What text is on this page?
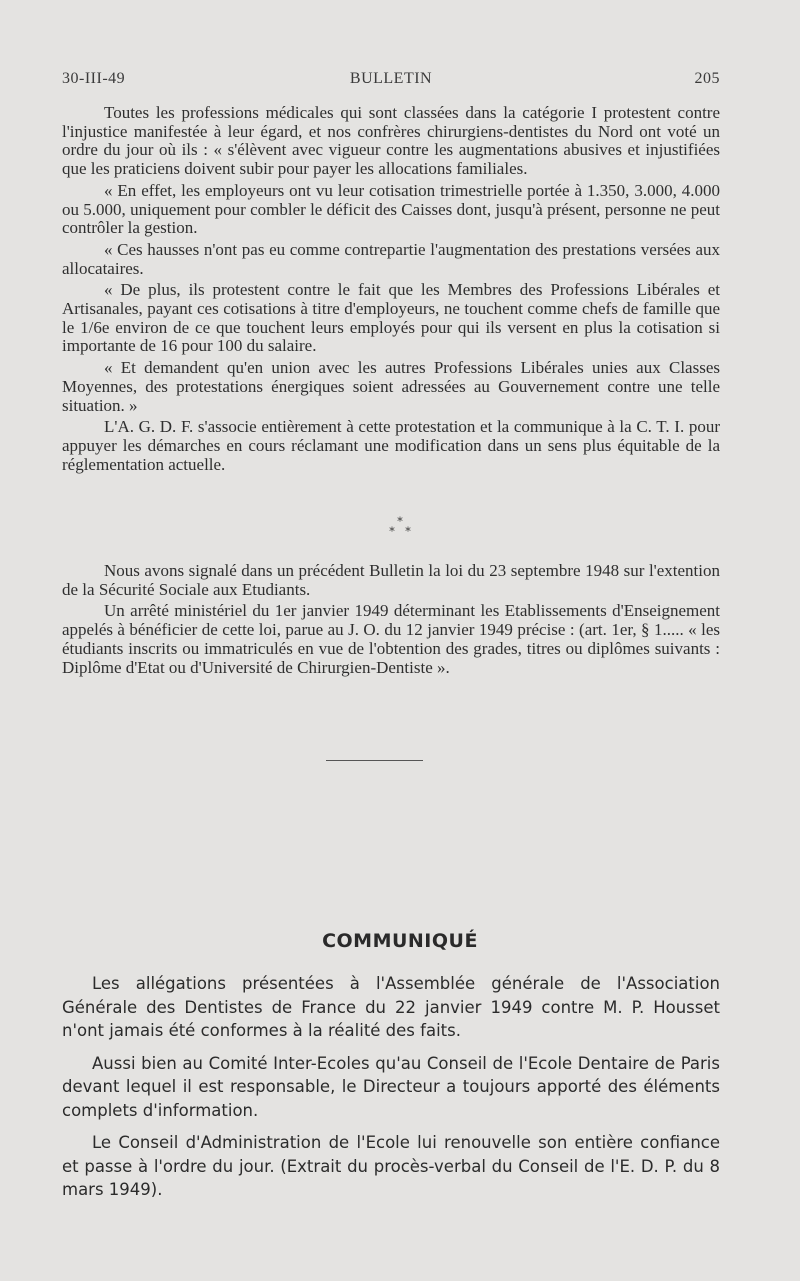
30-III-49	BULLETIN	205

Toutes les professions médicales qui sont classées dans la catégorie I protestent contre l'injustice manifestée à leur égard, et nos confrères chirurgiens-dentistes du Nord ont voté un ordre du jour où ils : « s'élèvent avec vigueur contre les augmentations abusives et injustifiées que les praticiens doivent subir pour payer les allocations familiales.

« En effet, les employeurs ont vu leur cotisation trimestrielle portée à 1.350, 3.000, 4.000 ou 5.000, uniquement pour combler le déficit des Caisses dont, jusqu'à présent, personne ne peut contrôler la gestion.

« Ces hausses n'ont pas eu comme contrepartie l'augmentation des prestations versées aux allocataires.

« De plus, ils protestent contre le fait que les Membres des Professions Libérales et Artisanales, payant ces cotisations à titre d'employeurs, ne touchent comme chefs de famille que le 1/6e environ de ce que touchent leurs employés pour qui ils versent en plus la cotisation si importante de 16 pour 100 du salaire.

« Et demandent qu'en union avec les autres Professions Libérales unies aux Classes Moyennes, des protestations énergiques soient adressées au Gouvernement contre une telle situation. »

L'A. G. D. F. s'associe entièrement à cette protestation et la communique à la C. T. I. pour appuyer les démarches en cours réclamant une modification dans un sens plus équitable de la réglementation actuelle.

*
*   *

Nous avons signalé dans un précédent Bulletin la loi du 23 septembre 1948 sur l'extention de la Sécurité Sociale aux Etudiants.

Un arrêté ministériel du 1er janvier 1949 déterminant les Etablissements d'Enseignement appelés à bénéficier de cette loi, parue au J. O. du 12 janvier 1949 précise : (art. 1er, § 1..... « les étudiants inscrits ou immatriculés en vue de l'obtention des grades, titres ou diplômes suivants : Diplôme d'Etat ou d'Université de Chirurgien-Dentiste ».

COMMUNIQUÉ

Les allégations présentées à l'Assemblée générale de l'Association Générale des Dentistes de France du 22 janvier 1949 contre M. P. Housset n'ont jamais été conformes à la réalité des faits.

Aussi bien au Comité Inter-Ecoles qu'au Conseil de l'Ecole Dentaire de Paris devant lequel il est responsable, le Directeur a toujours apporté des éléments complets d'information.

Le Conseil d'Administration de l'Ecole lui renouvelle son entière confiance et passe à l'ordre du jour. (Extrait du procès-verbal du Conseil de l'E. D. P. du 8 mars 1949).
